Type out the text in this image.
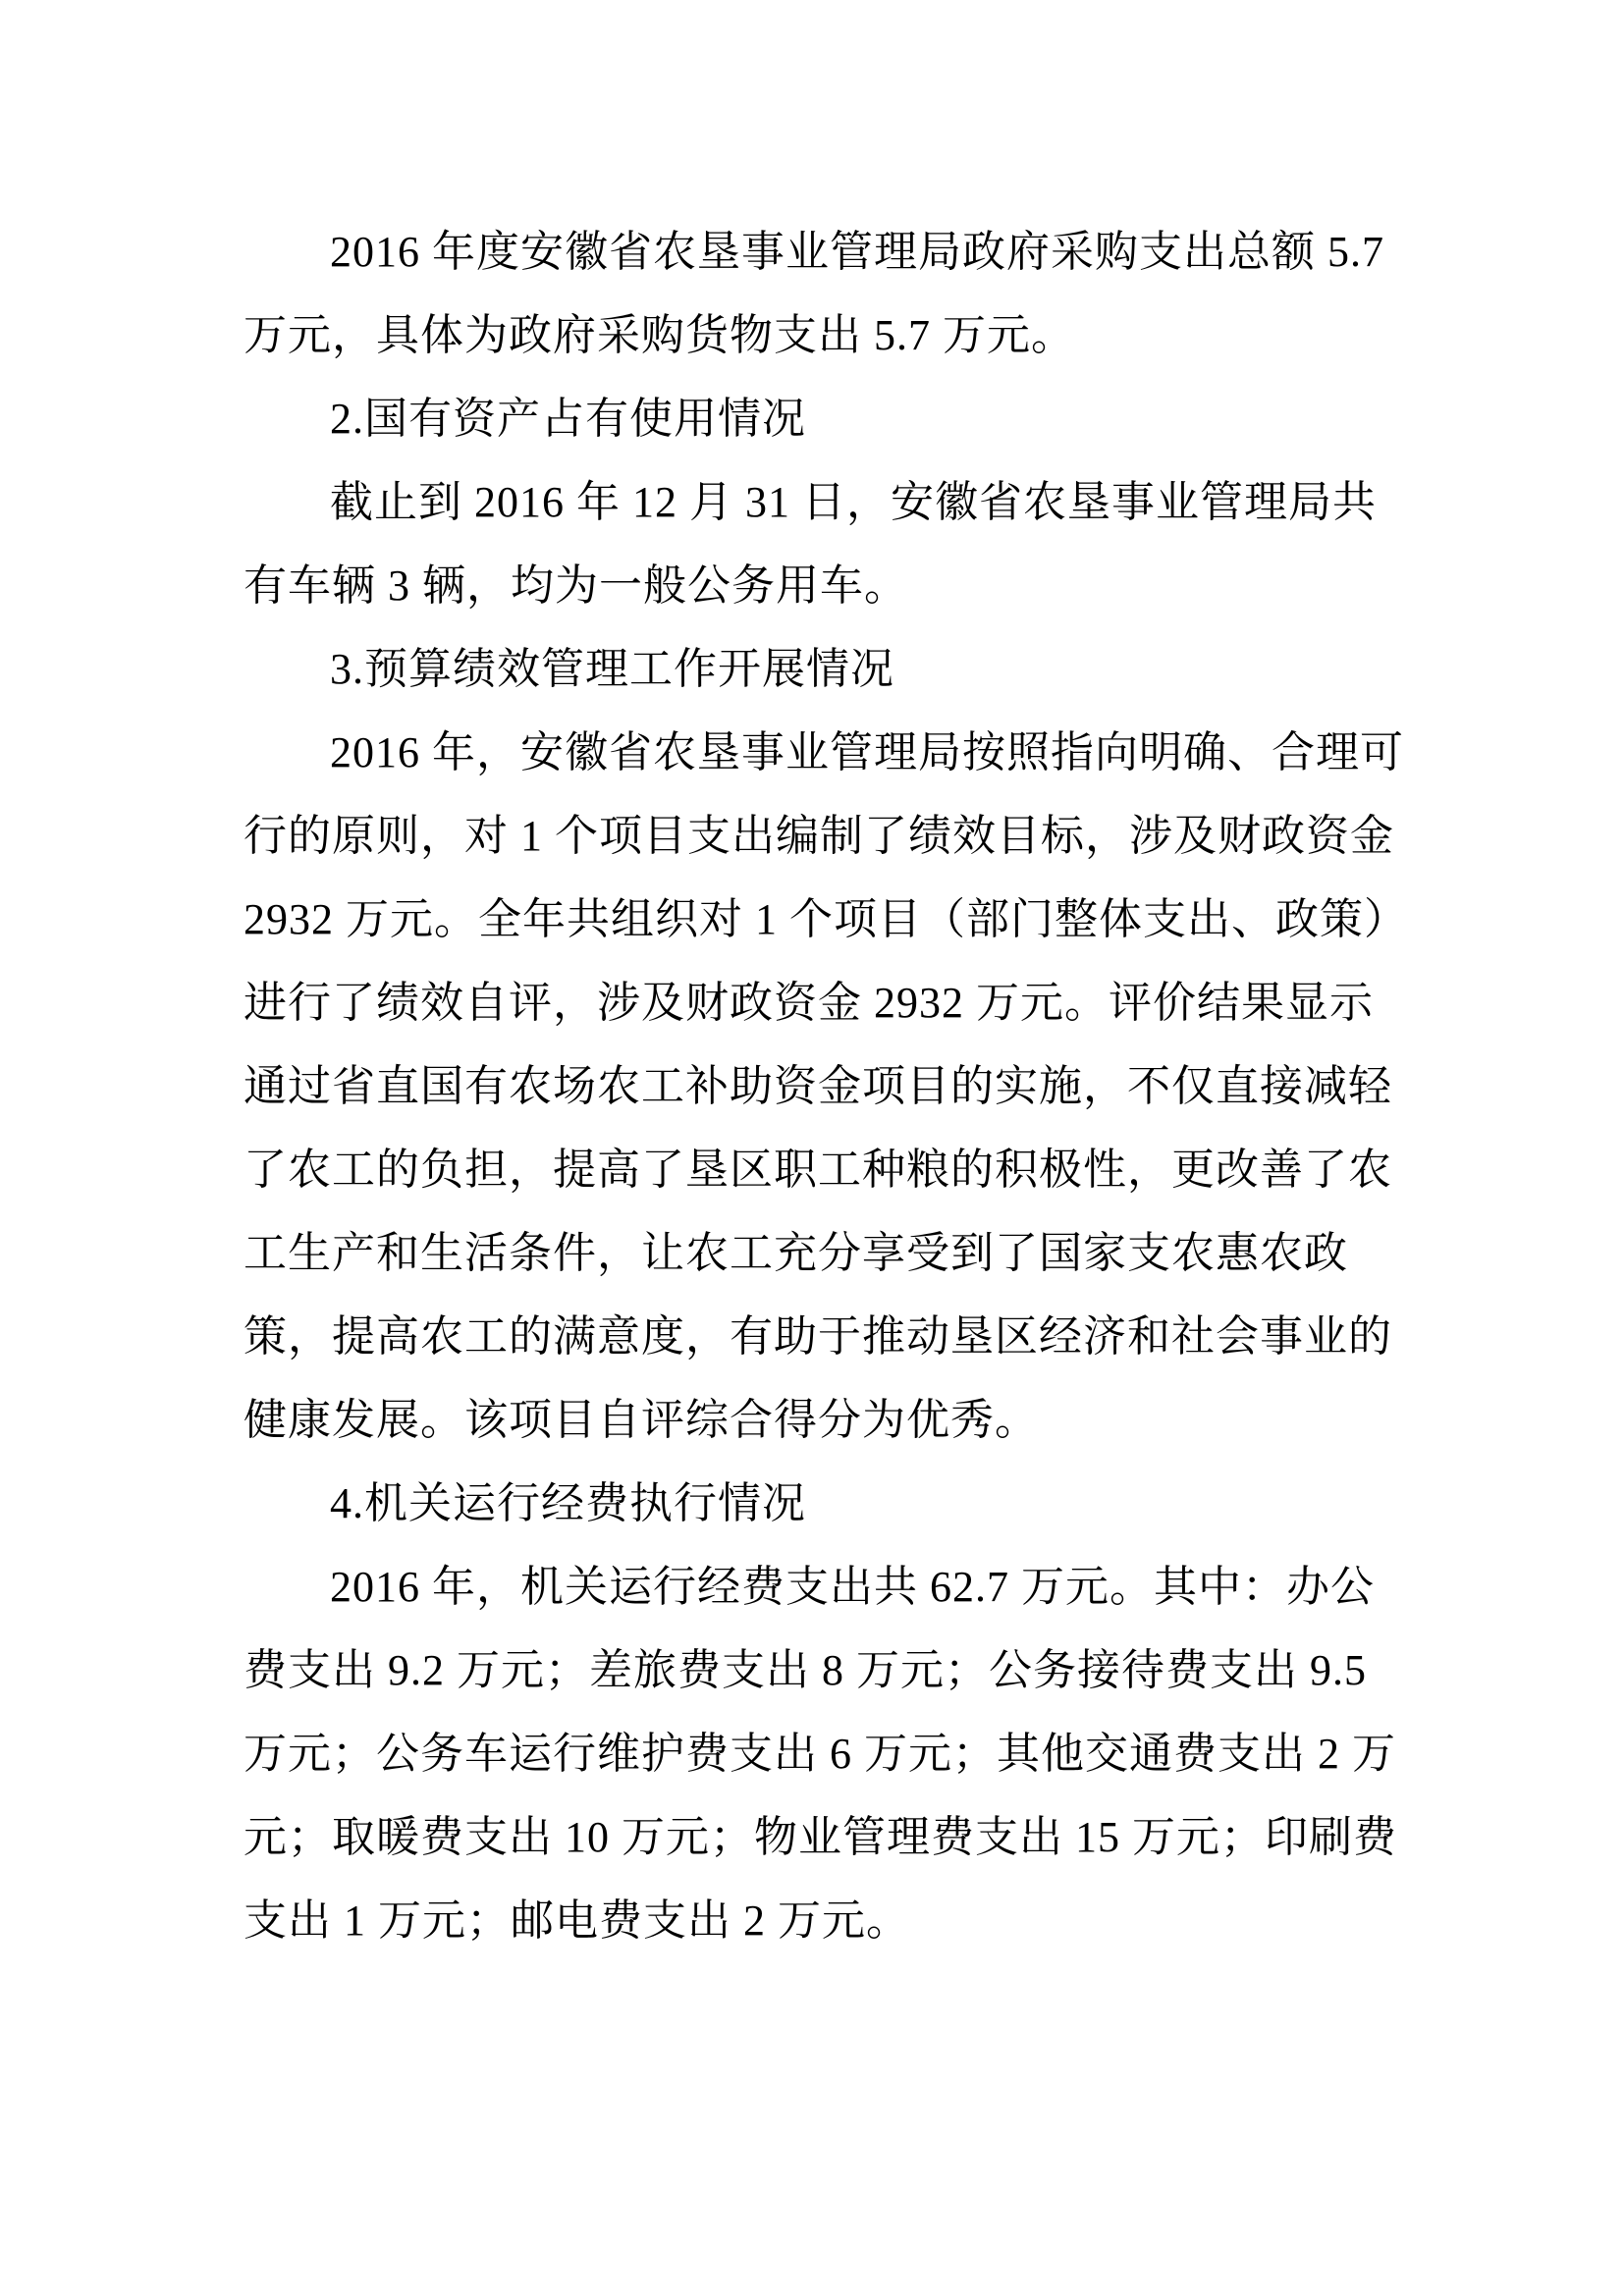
2016 年度安徽省农垦事业管理局政府采购支出总额 5.7
万元，具体为政府采购货物支出 5.7 万元。

2.国有资产占有使用情况

截止到 2016 年 12 月 31 日，安徽省农垦事业管理局共
有车辆 3 辆，均为一般公务用车。

3.预算绩效管理工作开展情况

2016 年，安徽省农垦事业管理局按照指向明确、合理可
行的原则，对 1 个项目支出编制了绩效目标，涉及财政资金
2932 万元。全年共组织对 1 个项目（部门整体支出、政策）
进行了绩效自评，涉及财政资金 2932 万元。评价结果显示
通过省直国有农场农工补助资金项目的实施，不仅直接减轻
了农工的负担，提高了垦区职工种粮的积极性，更改善了农
工生产和生活条件，让农工充分享受到了国家支农惠农政
策，提高农工的满意度，有助于推动垦区经济和社会事业的
健康发展。该项目自评综合得分为优秀。

4.机关运行经费执行情况

2016 年，机关运行经费支出共 62.7 万元。其中：办公
费支出 9.2 万元；差旅费支出 8 万元；公务接待费支出 9.5
万元；公务车运行维护费支出 6 万元；其他交通费支出 2 万
元；取暖费支出 10 万元；物业管理费支出 15 万元；印刷费
支出 1 万元；邮电费支出 2 万元。
